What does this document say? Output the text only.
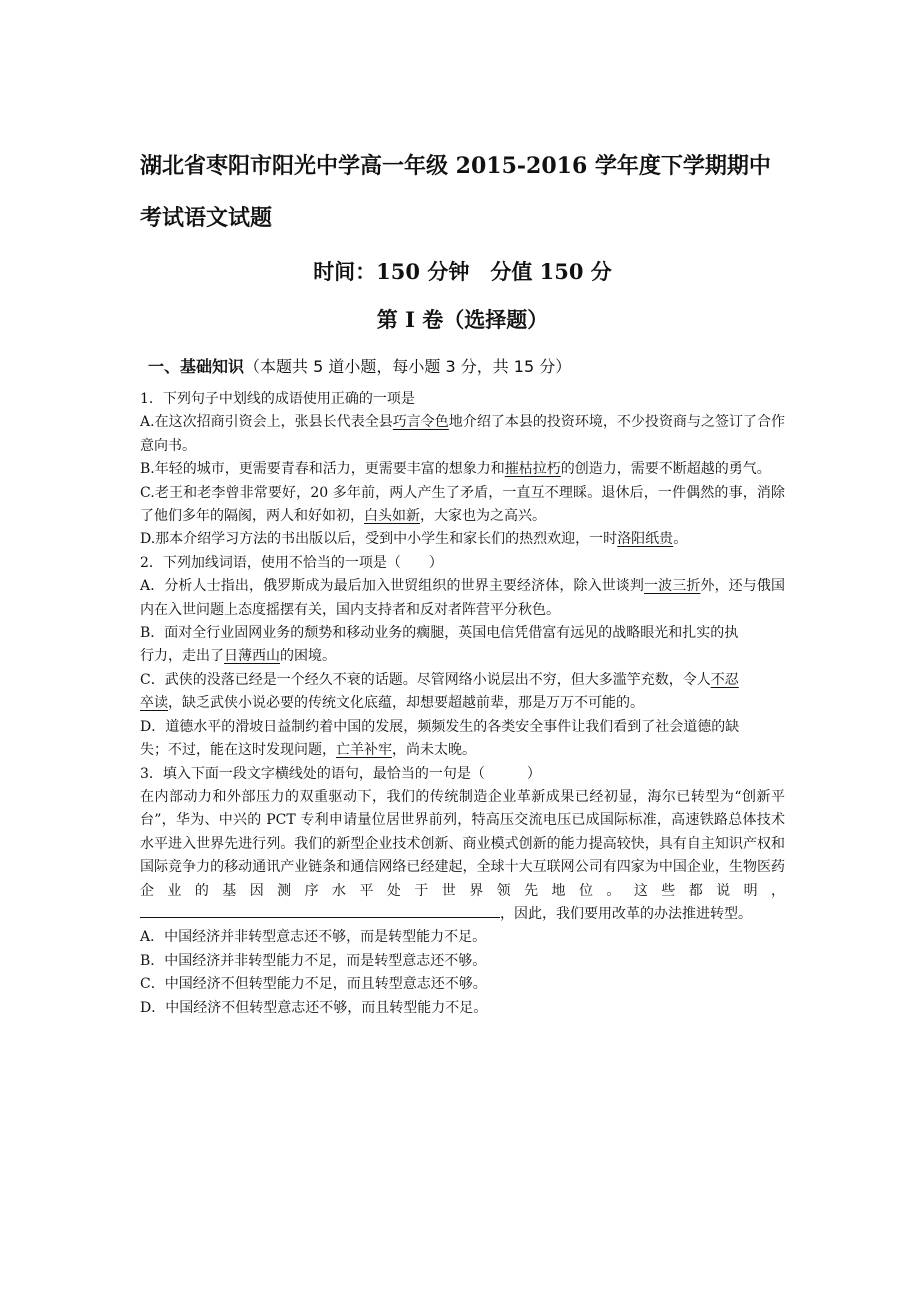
湖北省枣阳市阳光中学高一年级 2015-2016 学年度下学期期中

考试语文试题

时间：150 分钟　分值 150 分

第 I 卷（选择题）

一、基础知识（本题共 5 道小题，每小题 3 分，共 15 分）

1．下列句子中划线的成语使用正确的一项是

A.在这次招商引资会上，张县长代表全县巧言令色地介绍了本县的投资环境，不少投资商与之签订了合作意向书。

B.年轻的城市，更需要青春和活力，更需要丰富的想象力和摧枯拉朽的创造力，需要不断超越的勇气。

C.老王和老李曾非常要好，20 多年前，两人产生了矛盾，一直互不理睬。退休后，一件偶然的事，消除了他们多年的隔阂，两人和好如初，白头如新，大家也为之高兴。

D.那本介绍学习方法的书出版以后，受到中小学生和家长们的热烈欢迎，一时洛阳纸贵。

2．下列加线词语，使用不恰当的一项是（　　）

A．分析人士指出，俄罗斯成为最后加入世贸组织的世界主要经济体，除入世谈判一波三折外，还与俄国内在入世问题上态度摇摆有关，国内支持者和反对者阵营平分秋色。

B．面对全行业固网业务的颓势和移动业务的瘸腿，英国电信凭借富有远见的战略眼光和扎实的执

行力，走出了日薄西山的困境。

C．武侠的没落已经是一个经久不衰的话题。尽管网络小说层出不穷，但大多滥竽充数，令人不忍

卒读，缺乏武侠小说必要的传统文化底蕴，却想要超越前辈，那是万万不可能的。

D．道德水平的滑坡日益制约着中国的发展，频频发生的各类安全事件让我们看到了社会道德的缺

失；不过，能在这时发现问题，亡羊补牢，尚未太晚。

3．填入下面一段文字横线处的语句，最恰当的一句是（　　　）

在内部动力和外部压力的双重驱动下，我们的传统制造企业革新成果已经初显，海尔已转型为“创新平台”，华为、中兴的 PCT 专利申请量位居世界前列，特高压交流电压已成国际标准，高速铁路总体技术水平进入世界先进行列。我们的新型企业技术创新、商业模式创新的能力提高较快，具有自主知识产权和国际竞争力的移动通讯产业链条和通信网络已经建起，全球十大互联网公司有四家为中国企业，生物医药企业的基因测序水平处于世界领先地位。这些都说明，，因此，我们要用改革的办法推进转型。

A．中国经济并非转型意志还不够，而是转型能力不足。

B．中国经济并非转型能力不足，而是转型意志还不够。

C．中国经济不但转型能力不足，而且转型意志还不够。

D．中国经济不但转型意志还不够，而且转型能力不足。
